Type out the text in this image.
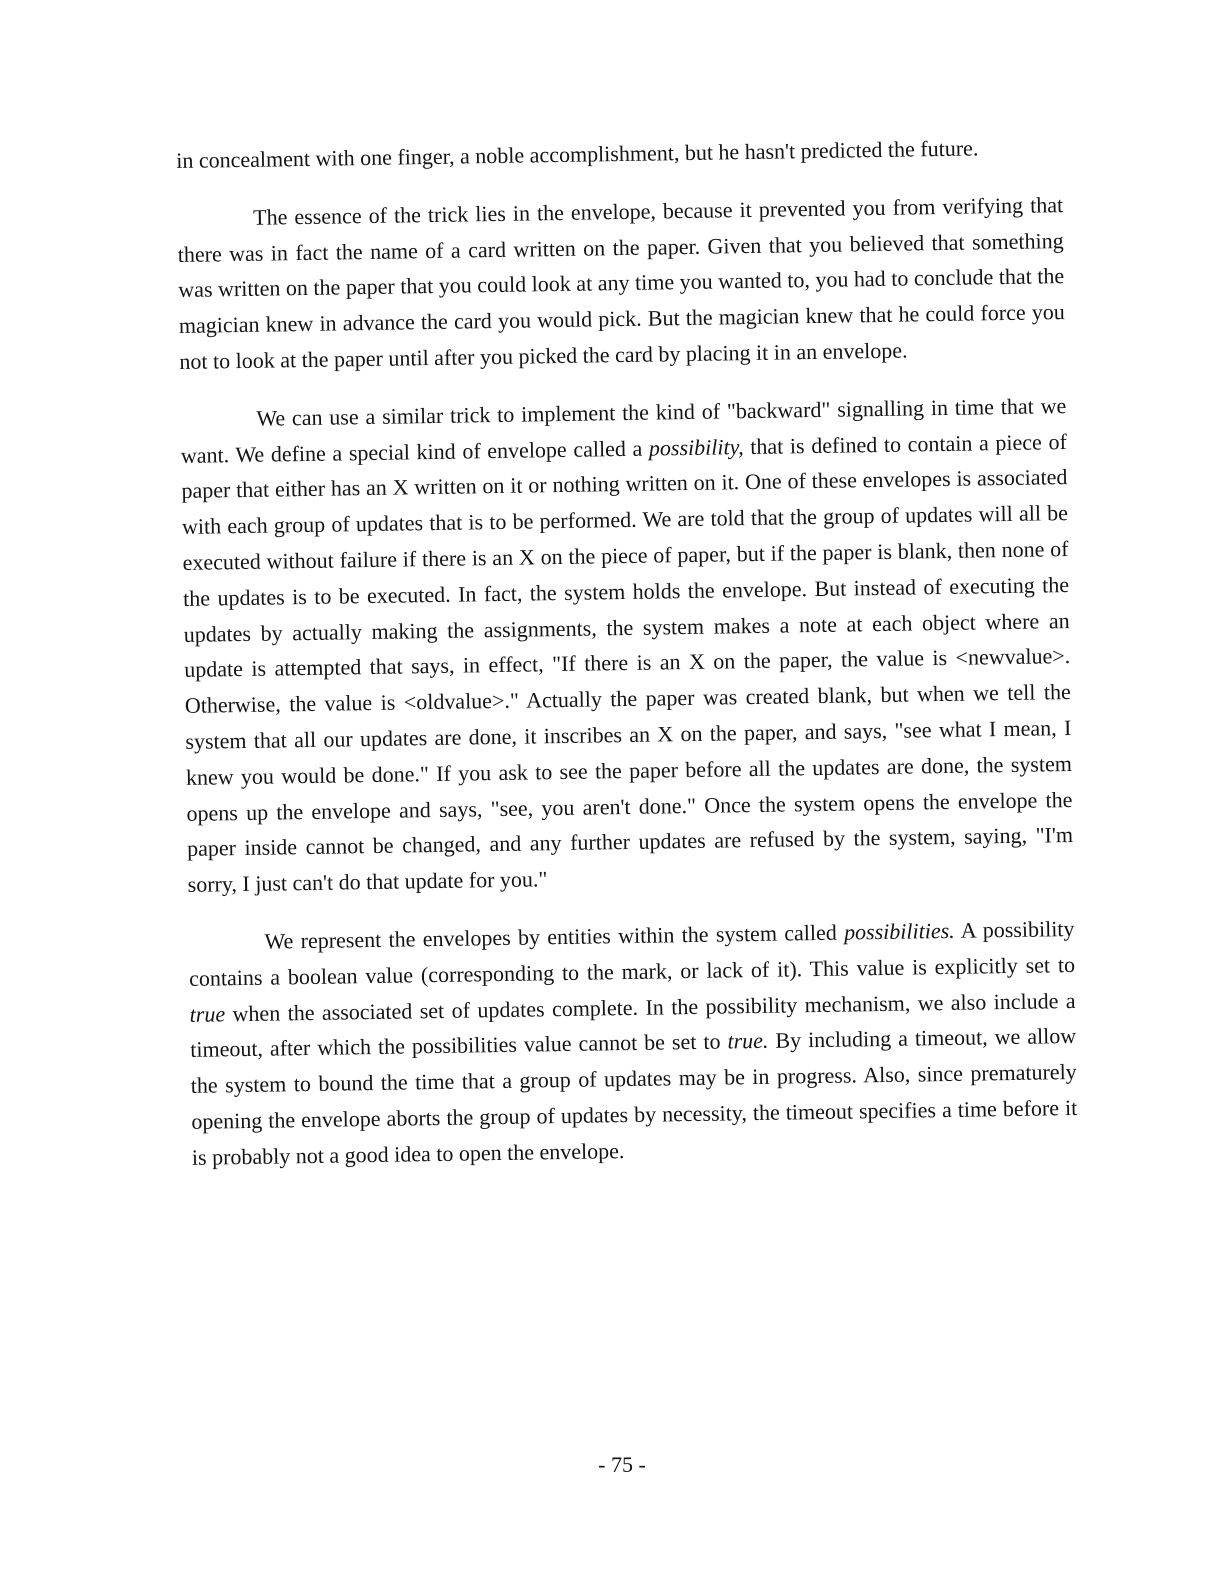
in concealment with one finger, a noble accomplishment, but he hasn't predicted the future.

The essence of the trick lies in the envelope, because it prevented you from verifying that there was in fact the name of a card written on the paper. Given that you believed that something was written on the paper that you could look at any time you wanted to, you had to conclude that the magician knew in advance the card you would pick. But the magician knew that he could force you not to look at the paper until after you picked the card by placing it in an envelope.

We can use a similar trick to implement the kind of "backward" signalling in time that we want. We define a special kind of envelope called a possibility, that is defined to contain a piece of paper that either has an X written on it or nothing written on it. One of these envelopes is associated with each group of updates that is to be performed. We are told that the group of updates will all be executed without failure if there is an X on the piece of paper, but if the paper is blank, then none of the updates is to be executed. In fact, the system holds the envelope. But instead of executing the updates by actually making the assignments, the system makes a note at each object where an update is attempted that says, in effect, "If there is an X on the paper, the value is <newvalue>. Otherwise, the value is <oldvalue>." Actually the paper was created blank, but when we tell the system that all our updates are done, it inscribes an X on the paper, and says, "see what I mean, I knew you would be done." If you ask to see the paper before all the updates are done, the system opens up the envelope and says, "see, you aren't done." Once the system opens the envelope the paper inside cannot be changed, and any further updates are refused by the system, saying, "I'm sorry, I just can't do that update for you."

We represent the envelopes by entities within the system called possibilities. A possibility contains a boolean value (corresponding to the mark, or lack of it). This value is explicitly set to true when the associated set of updates complete. In the possibility mechanism, we also include a timeout, after which the possibilities value cannot be set to true. By including a timeout, we allow the system to bound the time that a group of updates may be in progress. Also, since prematurely opening the envelope aborts the group of updates by necessity, the timeout specifies a time before it is probably not a good idea to open the envelope.

- 75 -
